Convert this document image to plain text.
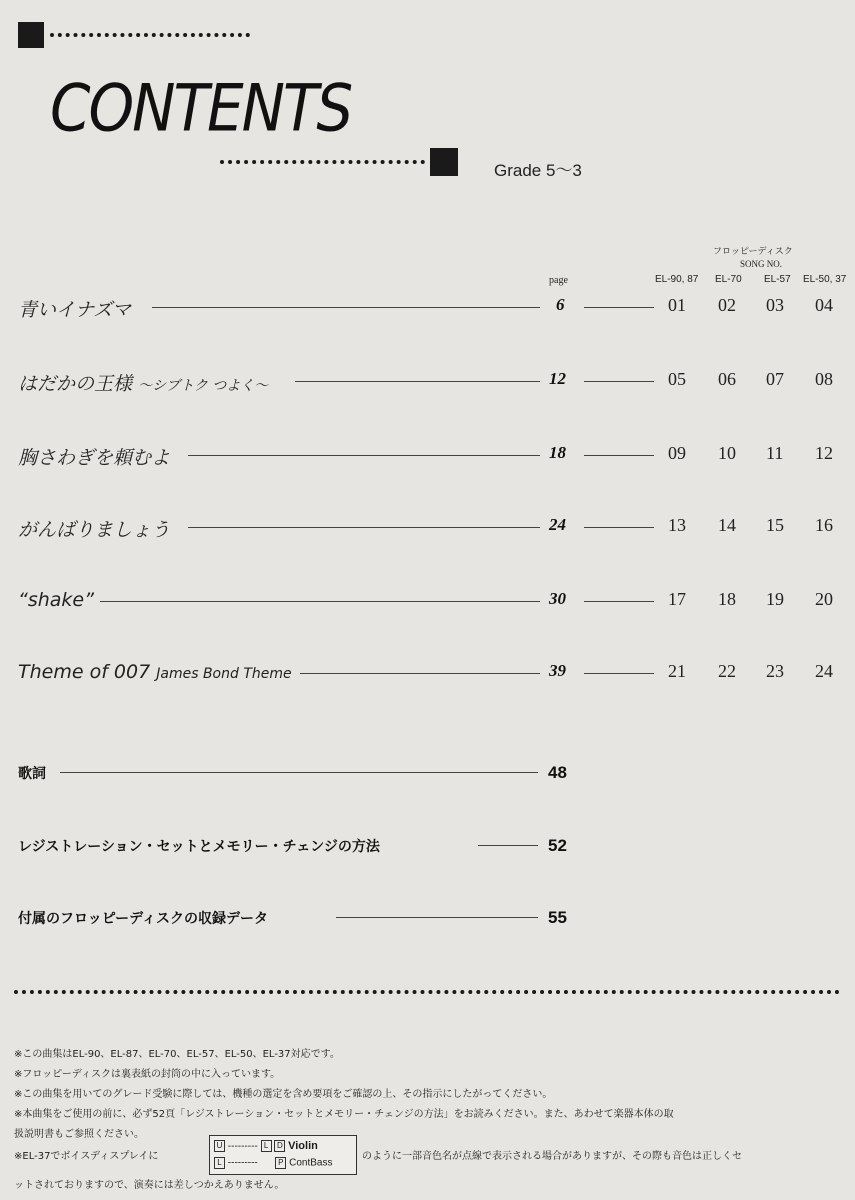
CONTENTS
Grade 5～3
フロッピーディスク
SONG NO.
page	EL-90, 87 EL-70 EL-57 EL-50, 37
青いイナズマ	6	01 02 03 04
はだかの王様 ～シブトク つよく～	12	05 06 07 08
胸さわぎを頼むよ	18	09 10 11 12
がんばりましょう	24	13 14 15 16
“shake”	30	17 18 19 20
Theme of 007 James Bond Theme	39	21 22 23 24
歌詞	48
レジストレーション・セットとメモリー・チェンジの方法	52
付属のフロッピーディスクの収録データ	55
※この曲集はEL-90、EL-87、EL-70、EL-57、EL-50、EL-37対応です。
※フロッピーディスクは裏表紙の封筒の中に入っています。
※この曲集を用いてのグレード受験に際しては、機種の選定を含め要項をご確認の上、その指示にしたがってください。
※本曲集をご使用の前に、必ず52頁「レジストレーション・セットとメモリー・チェンジの方法」をお読みください。また、あわせて楽器本体の取
扱説明書もご参照ください。
※EL-37でボイスディスプレイに
U --------- L D Violin
L ---------	P ContBass
のように一部音色名が点線で表示される場合がありますが、その際も音色は正しくセ
ットされておりますので、演奏には差しつかえありません。
